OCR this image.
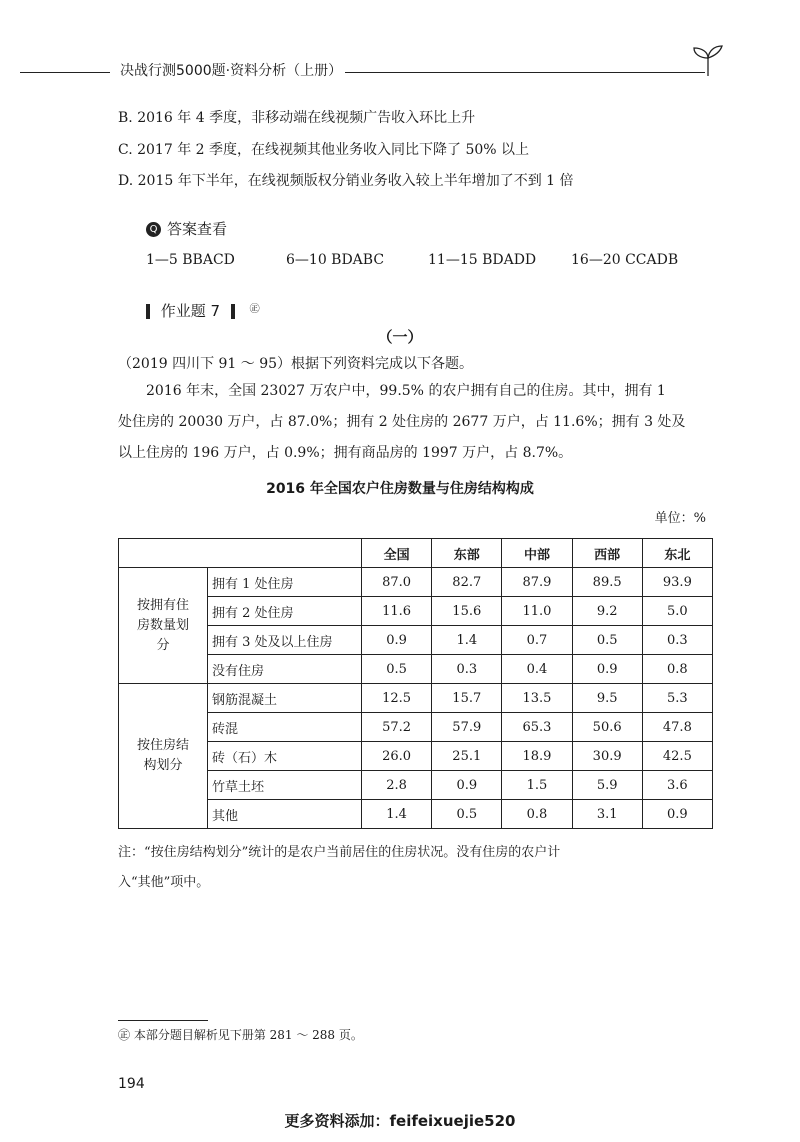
决战行测5000题·资料分析（上册）
B. 2016 年 4 季度，非移动端在线视频广告收入环比上升
C. 2017 年 2 季度，在线视频其他业务收入同比下降了 50% 以上
D. 2015 年下半年，在线视频版权分销业务收入较上半年增加了不到 1 倍
Q 答案查看
1—5 BBACD	6—10 BDABC	11—15 BDADD 16—20 CCADB
作业题 7	㊣
（一）
（2019 四川下 91 ～ 95）根据下列资料完成以下各题。
2016 年末，全国 23027 万农户中，99.5% 的农户拥有自己的住房。其中，拥有 1
处住房的 20030 万户，占 87.0%；拥有 2 处住房的 2677 万户，占 11.6%；拥有 3 处及
以上住房的 196 万户，占 0.9%；拥有商品房的 1997 万户，占 8.7%。
2016 年全国农户住房数量与住房结构构成
单位：%
		全国	东部	中部	西部	东北

按拥有住
房数量划
分	拥有 1 处住房	87.0	82.7	87.9	89.5	93.9
	拥有 2 处住房	11.6	15.6	11.0	9.2	5.0
	拥有 3 处及以上住房	0.9	1.4	0.7	0.5	0.3
	没有住房	0.5	0.3	0.4	0.9	0.8

按住房结
构划分	钢筋混凝土	12.5	15.7	13.5	9.5	5.3
	砖混	57.2	57.9	65.3	50.6	47.8
	砖（石）木	26.0	25.1	18.9	30.9	42.5
	竹草土坯	2.8	0.9	1.5	5.9	3.6
	其他	1.4	0.5	0.8	3.1	0.9
注：“按住房结构划分”统计的是农户当前居住的住房状况。没有住房的农户计
入“其他”项中。
㊣ 本部分题目解析见下册第 281 ～ 288 页。
194
更多资料添加：feifeixuejie520
